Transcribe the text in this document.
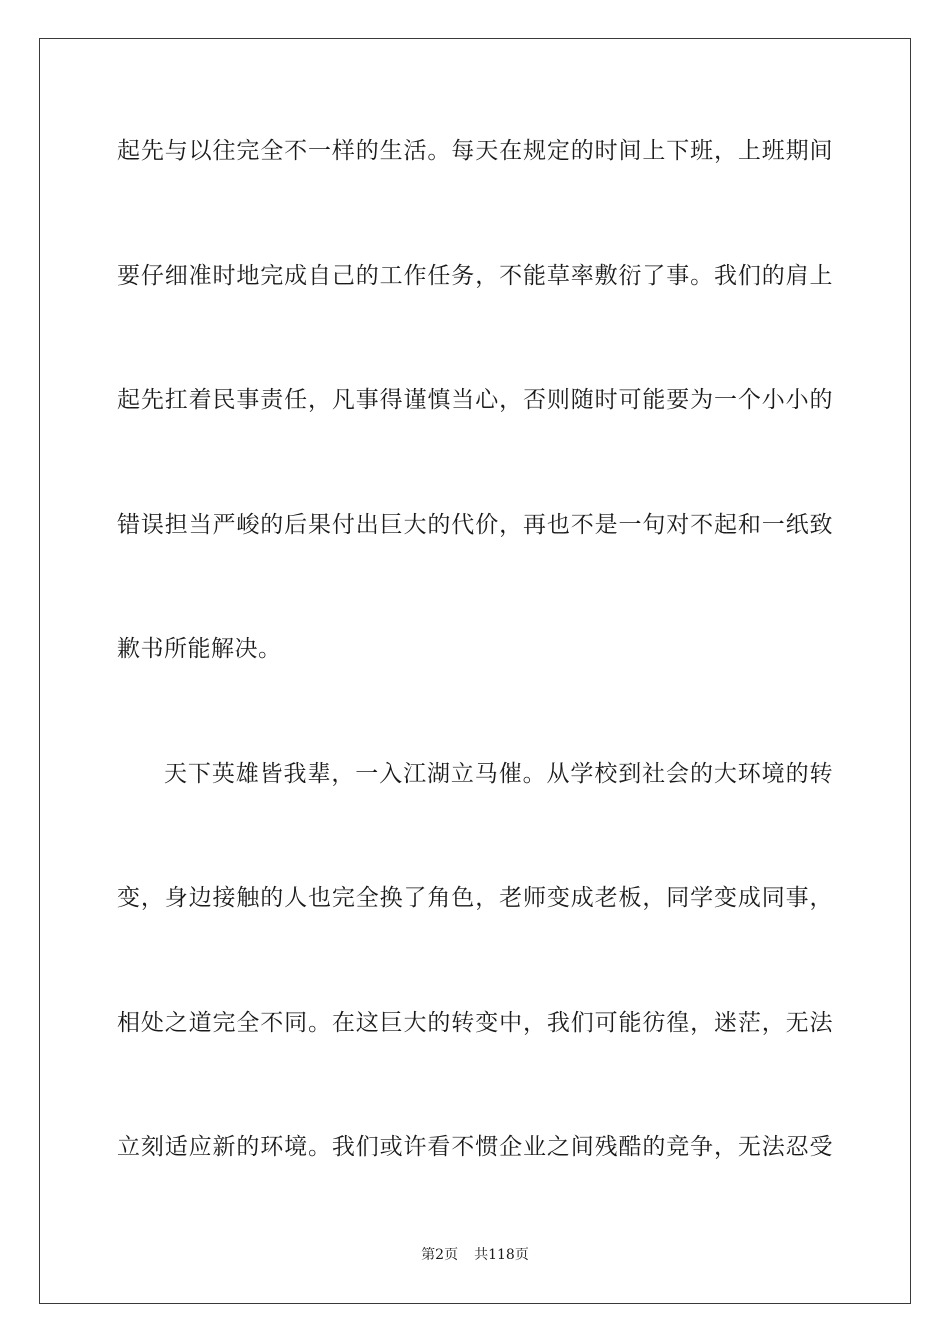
起先与以往完全不一样的生活。每天在规定的时间上下班，上班期间
要仔细准时地完成自己的工作任务，不能草率敷衍了事。我们的肩上
起先扛着民事责任，凡事得谨慎当心，否则随时可能要为一个小小的
错误担当严峻的后果付出巨大的代价，再也不是一句对不起和一纸致
歉书所能解决。
天下英雄皆我辈，一入江湖立马催。从学校到社会的大环境的转
变，身边接触的人也完全换了角色，老师变成老板，同学变成同事，
相处之道完全不同。在这巨大的转变中，我们可能彷徨，迷茫，无法
立刻适应新的环境。我们或许看不惯企业之间残酷的竞争，无法忍受
第2页 共118页
